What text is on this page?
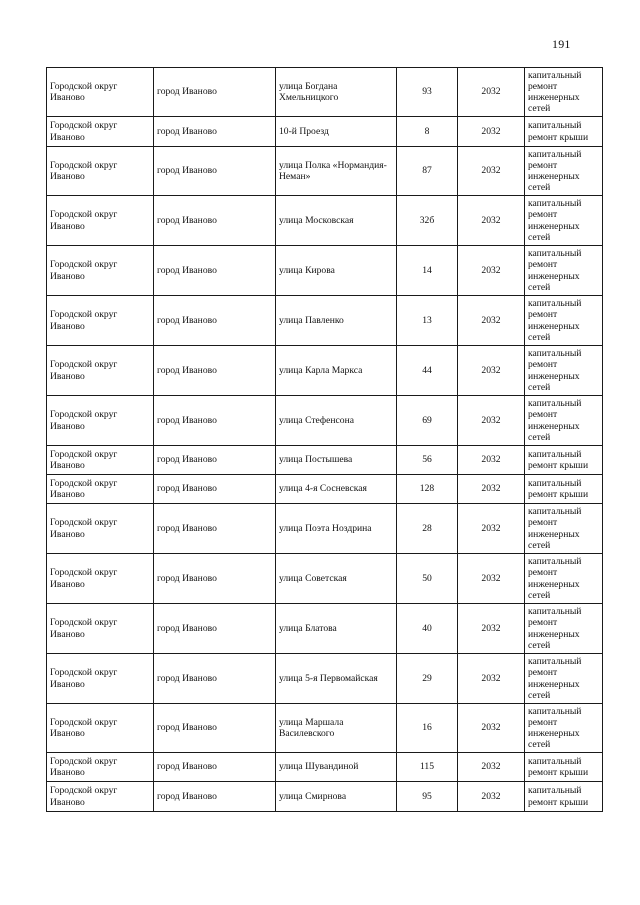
191
Городской округ Иваново	город Иваново	улица Богдана Хмельницкого	93	2032	капитальный ремонт инженерных сетей
Городской округ Иваново	город Иваново	10-й Проезд	8	2032	капитальный ремонт крыши
Городской округ Иваново	город Иваново	улица Полка «Нормандия-Неман»	87	2032	капитальный ремонт инженерных сетей
Городской округ Иваново	город Иваново	улица Московская	32б	2032	капитальный ремонт инженерных сетей
Городской округ Иваново	город Иваново	улица Кирова	14	2032	капитальный ремонт инженерных сетей
Городской округ Иваново	город Иваново	улица Павленко	13	2032	капитальный ремонт инженерных сетей
Городской округ Иваново	город Иваново	улица Карла Маркса	44	2032	капитальный ремонт инженерных сетей
Городской округ Иваново	город Иваново	улица Стефенсона	69	2032	капитальный ремонт инженерных сетей
Городской округ Иваново	город Иваново	улица Постышева	56	2032	капитальный ремонт крыши
Городской округ Иваново	город Иваново	улица 4-я Сосневская	128	2032	капитальный ремонт крыши
Городской округ Иваново	город Иваново	улица Поэта Ноздрина	28	2032	капитальный ремонт инженерных сетей
Городской округ Иваново	город Иваново	улица Советская	50	2032	капитальный ремонт инженерных сетей
Городской округ Иваново	город Иваново	улица Блатова	40	2032	капитальный ремонт инженерных сетей
Городской округ Иваново	город Иваново	улица 5-я Первомайская	29	2032	капитальный ремонт инженерных сетей
Городской округ Иваново	город Иваново	улица Маршала Василевского	16	2032	капитальный ремонт инженерных сетей
Городской округ Иваново	город Иваново	улица Шувандиной	115	2032	капитальный ремонт крыши
Городской округ Иваново	город Иваново	улица Смирнова	95	2032	капитальный ремонт крыши
